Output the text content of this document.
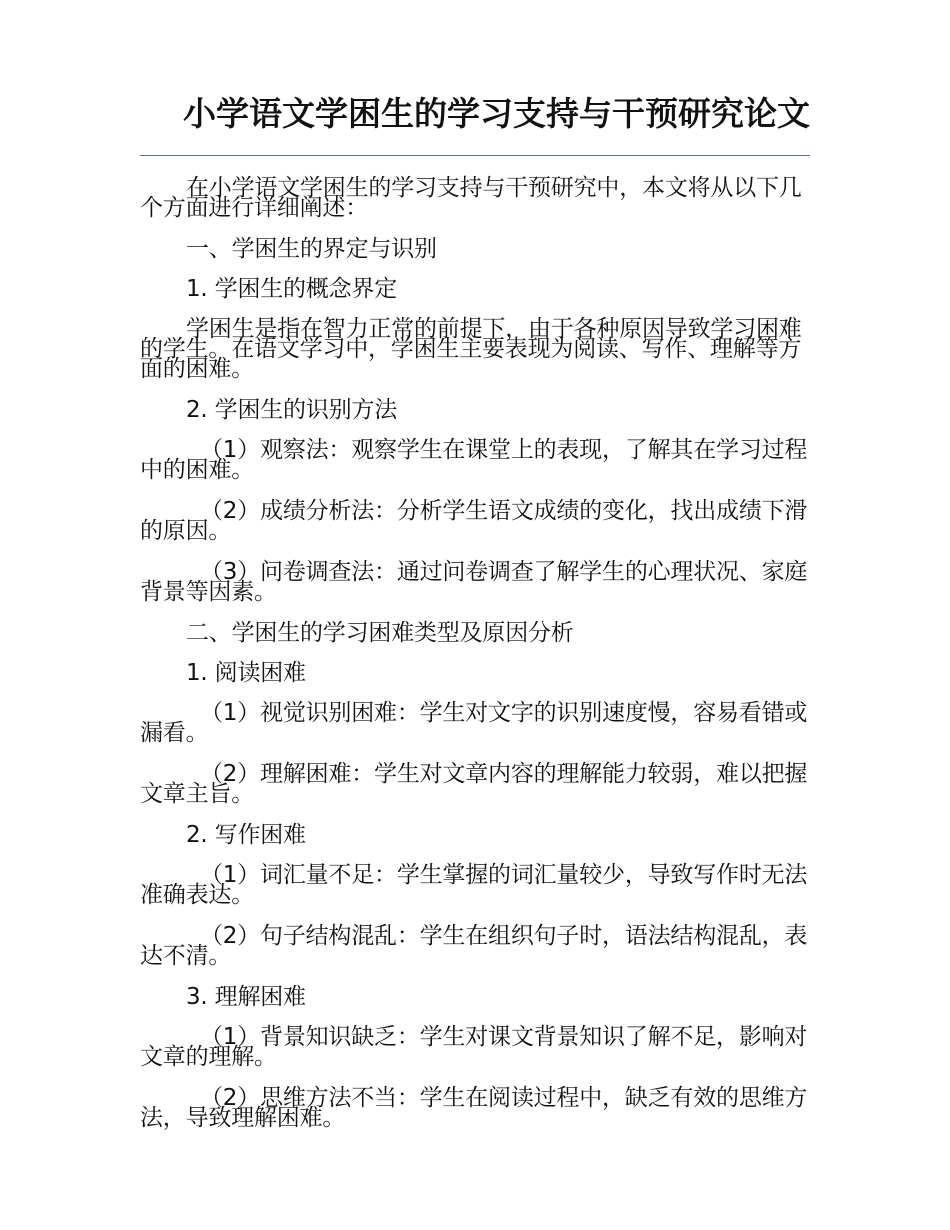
小学语文学困生的学习支持与干预研究论文

在小学语文学困生的学习支持与干预研究中，本文将从以下几个方面进行详细阐述：

一、学困生的界定与识别

1. 学困生的概念界定

学困生是指在智力正常的前提下，由于各种原因导致学习困难的学生。在语文学习中，学困生主要表现为阅读、写作、理解等方面的困难。

2. 学困生的识别方法

（1）观察法：观察学生在课堂上的表现，了解其在学习过程中的困难。

（2）成绩分析法：分析学生语文成绩的变化，找出成绩下滑的原因。

（3）问卷调查法：通过问卷调查了解学生的心理状况、家庭背景等因素。

二、学困生的学习困难类型及原因分析

1. 阅读困难

（1）视觉识别困难：学生对文字的识别速度慢，容易看错或漏看。

（2）理解困难：学生对文章内容的理解能力较弱，难以把握文章主旨。

2. 写作困难

（1）词汇量不足：学生掌握的词汇量较少，导致写作时无法准确表达。

（2）句子结构混乱：学生在组织句子时，语法结构混乱，表达不清。

3. 理解困难

（1）背景知识缺乏：学生对课文背景知识了解不足，影响对文章的理解。

（2）思维方法不当：学生在阅读过程中，缺乏有效的思维方法，导致理解困难。
